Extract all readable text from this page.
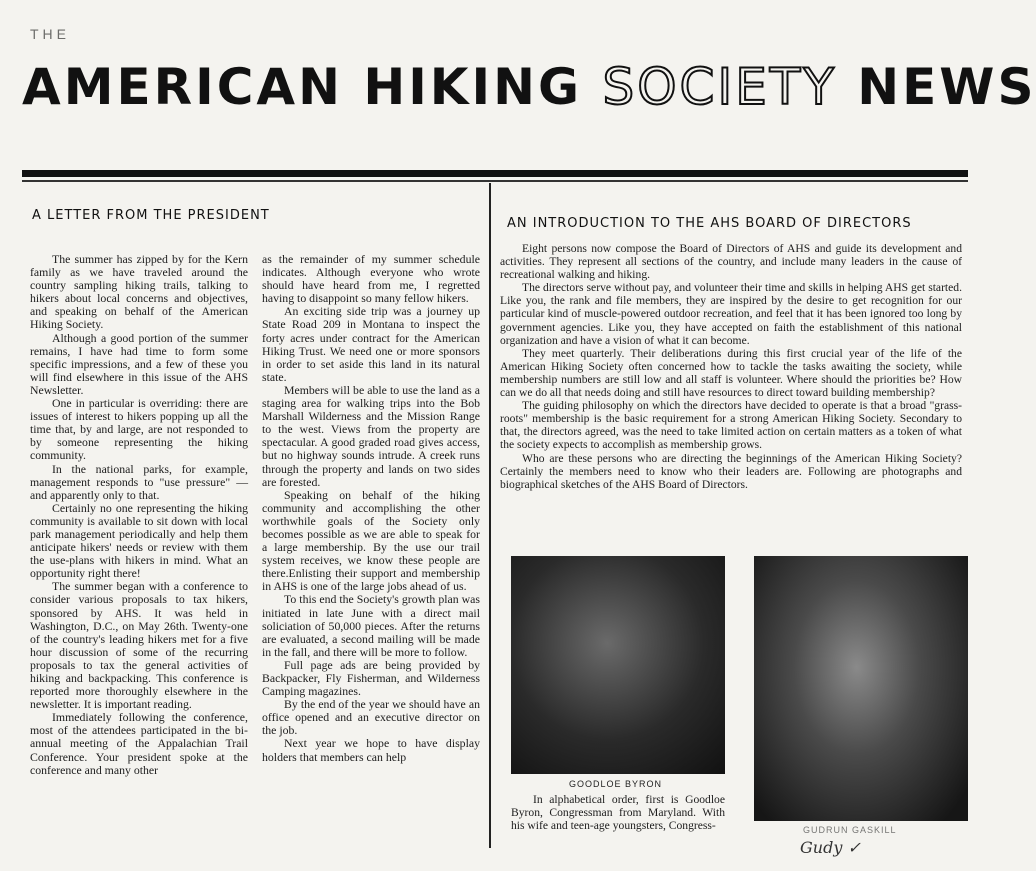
THE
AMERICAN HIKING SOCIETY NEWS
A LETTER FROM THE PRESIDENT

The summer has zipped by for the Kern family as we have traveled around the country sampling hiking trails, talking to hikers about local concerns and objectives, and speaking on behalf of the American Hiking Society.

Although a good portion of the summer remains, I have had time to form some specific impressions, and a few of these you will find elsewhere in this issue of the AHS Newsletter.

One in particular is overriding: there are issues of interest to hikers popping up all the time that, by and large, are not responded to by someone representing the hiking community.

In the national parks, for example, management responds to "use pressure" — and apparently only to that.

Certainly no one representing the hiking community is available to sit down with local park management periodically and help them anticipate hikers' needs or review with them the use-plans with hikers in mind. What an opportunity right there!

The summer began with a conference to consider various proposals to tax hikers, sponsored by AHS. It was held in Washington, D.C., on May 26th. Twenty-one of the country's leading hikers met for a five hour discussion of some of the recurring proposals to tax the general activities of hiking and backpacking. This conference is reported more thoroughly elsewhere in the newsletter. It is important reading.

Immediately following the conference, most of the attendees participated in the bi-annual meeting of the Appalachian Trail Conference. Your president spoke at the conference and many other

as the remainder of my summer schedule indicates. Although everyone who wrote should have heard from me, I regretted having to disappoint so many fellow hikers.

An exciting side trip was a journey up State Road 209 in Montana to inspect the forty acres under contract for the American Hiking Trust. We need one or more sponsors in order to set aside this land in its natural state.

Members will be able to use the land as a staging area for walking trips into the Bob Marshall Wilderness and the Mission Range to the west. Views from the property are spectacular. A good graded road gives access, but no highway sounds intrude. A creek runs through the property and lands on two sides are forested.

Speaking on behalf of the hiking community and accomplishing the other worthwhile goals of the Society only becomes possible as we are able to speak for a large membership. By the use our trail system receives, we know these people are there.Enlisting their support and membership in AHS is one of the large jobs ahead of us.

To this end the Society's growth plan was initiated in late June with a direct mail soliciation of 50,000 pieces. After the returns are evaluated, a second mailing will be made in the fall, and there will be more to follow.

Full page ads are being provided by Backpacker, Fly Fisherman, and Wilderness Camping magazines.

By the end of the year we should have an office opened and an executive director on the job.

Next year we hope to have display holders that members can help

AN INTRODUCTION TO THE AHS BOARD OF DIRECTORS

Eight persons now compose the Board of Directors of AHS and guide its development and activities. They represent all sections of the country, and include many leaders in the cause of recreational walking and hiking.

The directors serve without pay, and volunteer their time and skills in helping AHS get started. Like you, the rank and file members, they are inspired by the desire to get recognition for our particular kind of muscle-powered outdoor recreation, and feel that it has been ignored too long by government agencies. Like you, they have accepted on faith the establishment of this national organization and have a vision of what it can become.

They meet quarterly. Their deliberations during this first crucial year of the life of the American Hiking Society often concerned how to tackle the tasks awaiting the society, while membership numbers are still low and all staff is volunteer. Where should the priorities be? How can we do all that needs doing and still have resources to direct toward building membership?

The guiding philosophy on which the directors have decided to operate is that a broad "grass-roots" membership is the basic requirement for a strong American Hiking Society. Secondary to that, the directors agreed, was the need to take limited action on certain matters as a token of what the society expects to accomplish as membership grows.

Who are these persons who are directing the beginnings of the American Hiking Society? Certainly the members need to know who their leaders are. Following are photographs and biographical sketches of the AHS Board of Directors.

GOODLOE BYRON

In alphabetical order, first is Goodloe Byron, Congressman from Maryland. With his wife and teen-age youngsters, Congress-	GUDRUN GASKILL
Gudy ✓
